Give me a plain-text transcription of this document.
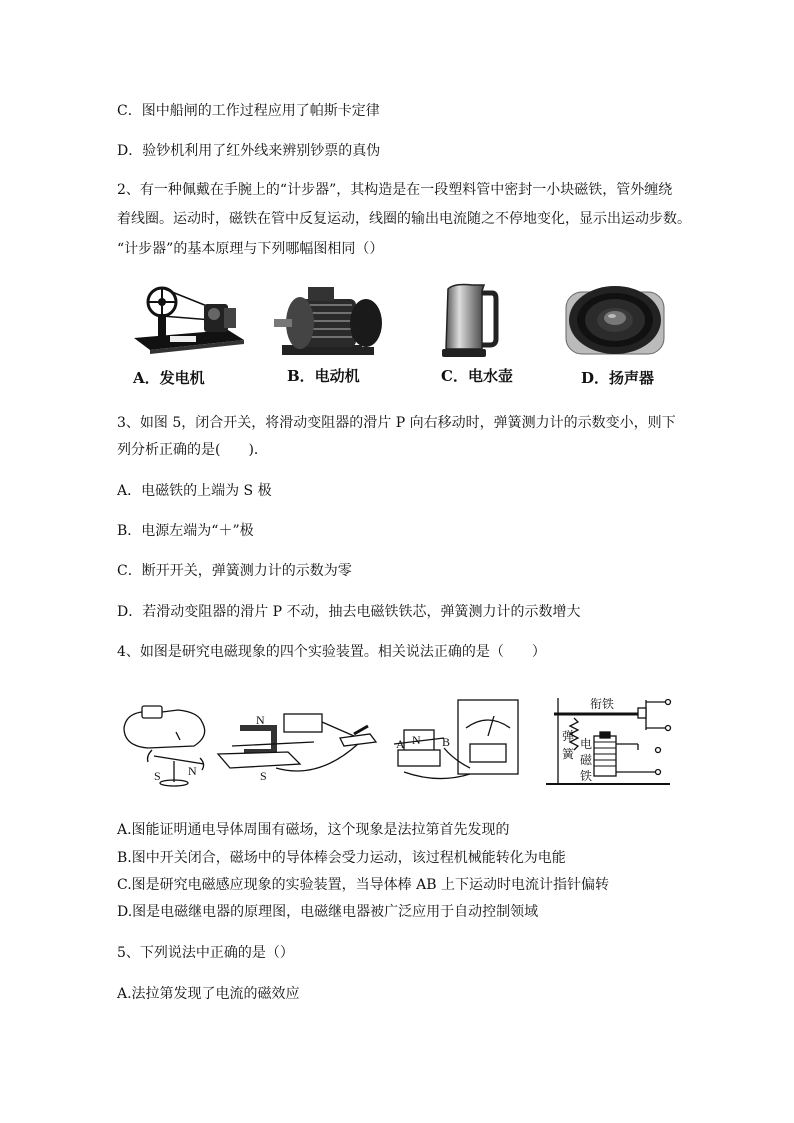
C．图中船闸的工作过程应用了帕斯卡定律
D．验钞机利用了红外线来辨别钞票的真伪
2、有一种佩戴在手腕上的“计步器”，其构造是在一段塑料管中密封一小块磁铁，管外缠绕
着线圈。运动时，磁铁在管中反复运动，线圈的输出电流随之不停地变化，显示出运动步数。
“计步器”的基本原理与下列哪幅图相同（）
A．发电机	B．电动机	C．电水壶	D．扬声器
3、如图 5，闭合开关，将滑动变阻器的滑片 P 向右移动时，弹簧测力计的示数变小，则下
列分析正确的是(　　)．
A．电磁铁的上端为 S 极
B．电源左端为“＋”极
C．断开开关，弹簧测力计的示数为零
D．若滑动变阻器的滑片 P 不动，抽去电磁铁铁芯，弹簧测力计的示数增大
4、如图是研究电磁现象的四个实验装置。相关说法正确的是（　　）
S N
N
S
A N B
衔铁
弹
簧
电
磁
铁
A.图能证明通电导体周围有磁场，这个现象是法拉第首先发现的
B.图中开关闭合，磁场中的导体棒会受力运动，该过程机械能转化为电能
C.图是研究电磁感应现象的实验装置，当导体棒 AB 上下运动时电流计指针偏转
D.图是电磁继电器的原理图，电磁继电器被广泛应用于自动控制领域
5、下列说法中正确的是（）
A.法拉第发现了电流的磁效应
